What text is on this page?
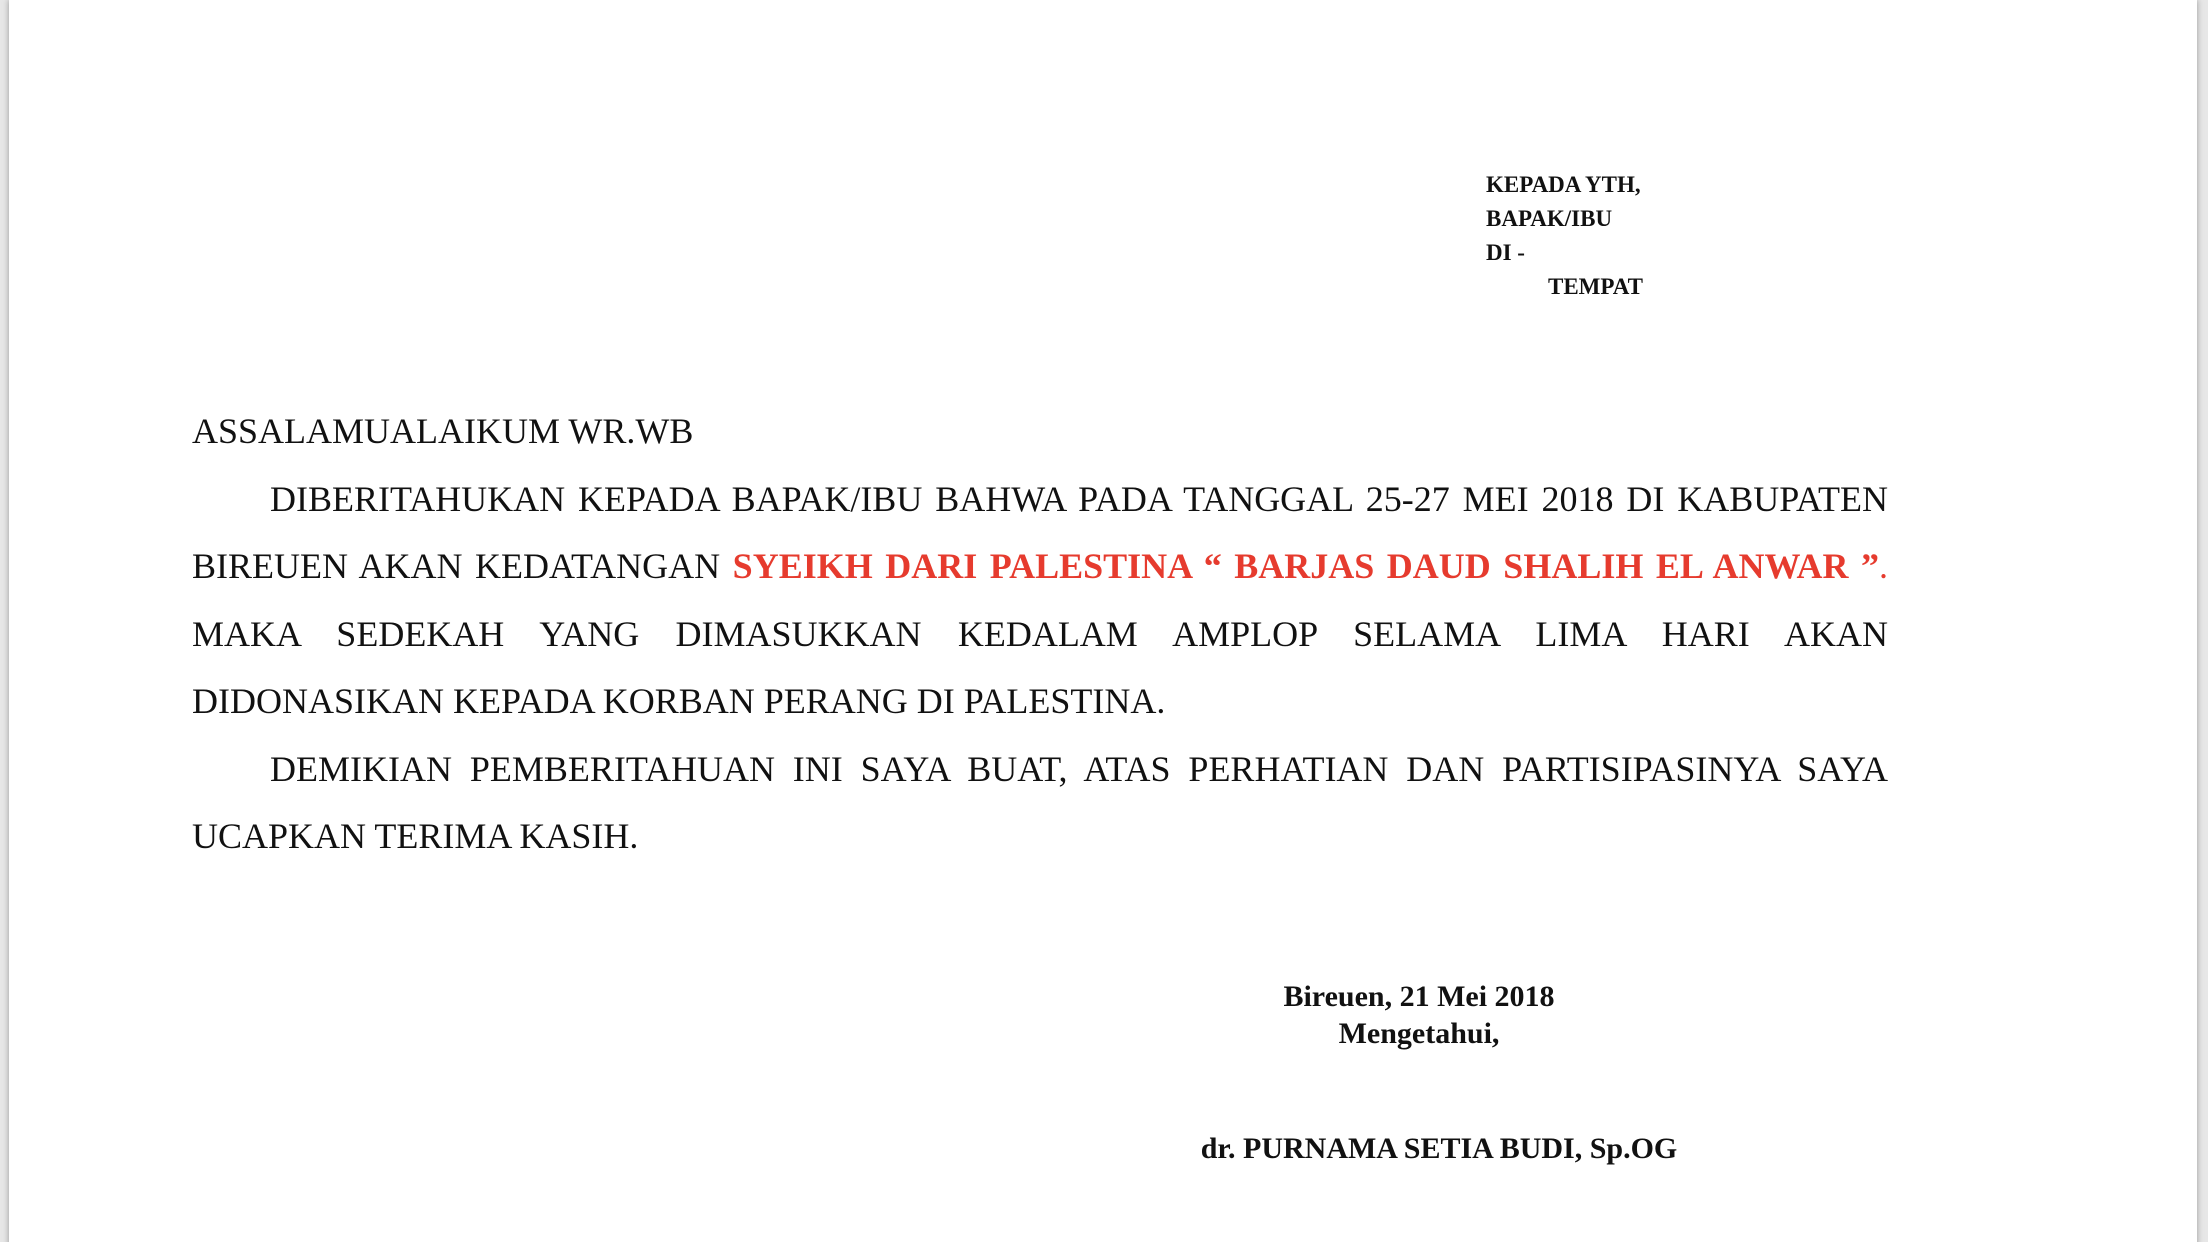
KEPADA YTH,
BAPAK/IBU
DI -
TEMPAT

ASSALAMUALAIKUM WR.WB

DIBERITAHUKAN KEPADA BAPAK/IBU BAHWA PADA TANGGAL 25-27 MEI 2018 DI KABUPATEN BIREUEN AKAN KEDATANGAN SYEIKH DARI PALESTINA “ BARJAS DAUD SHALIH EL ANWAR ”. MAKA SEDEKAH YANG DIMASUKKAN KEDALAM AMPLOP SELAMA LIMA HARI AKAN DIDONASIKAN KEPADA KORBAN PERANG DI PALESTINA.

DEMIKIAN PEMBERITAHUAN INI SAYA BUAT, ATAS PERHATIAN DAN PARTISIPASINYA SAYA UCAPKAN TERIMA KASIH.

Bireuen, 21 Mei 2018
Mengetahui,
dr. PURNAMA SETIA BUDI, Sp.OG
